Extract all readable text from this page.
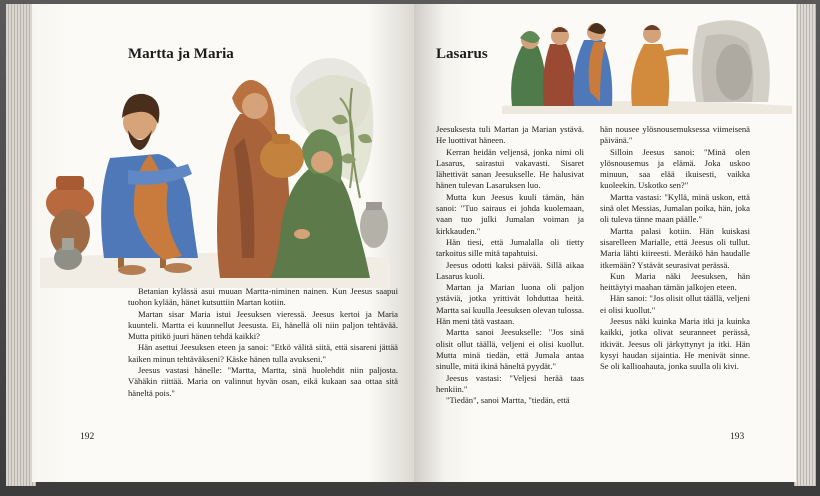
Martta ja Maria

Betanian kylässä asui muuan Martta-niminen nainen. Kun Jeesus saapui tuohon kylään, hänet kutsuttiin Martan kotiin.

Martan sisar Maria istui Jeesuksen vieressä. Jeesus kertoi ja Maria kuunteli. Martta ei kuunnellut Jeesusta. Ei, hänellä oli niin paljon tehtävää. Mutta pitikö juuri hänen tehdä kaikki?

Hän asettui Jeesuksen eteen ja sanoi: "Etkö välitä siitä, että sisareni jättää kaiken minun tehtäväkseni? Käske hänen tulla avukseni."

Jeesus vastasi hänelle: "Martta, Martta, sinä huolehdit niin paljosta. Vähäkin riittää. Maria on valinnut hyvän osan, eikä kukaan saa ottaa sitä häneltä pois."

192
Lasarus

Jeesuksesta tuli Martan ja Marian ystävä. He luottivat häneen.

Kerran heidän veljensä, jonka nimi oli Lasarus, sairastui vakavasti. Sisaret lähettivät sanan Jeesukselle. He halusivat hänen tulevan Lasaruksen luo.

Mutta kun Jeesus kuuli tämän, hän sanoi: "Tuo sairaus ei johda kuolemaan, vaan tuo julki Jumalan voiman ja kirkkauden."

Hän tiesi, että Jumalalla oli tietty tarkoitus sille mitä tapahtuisi.

Jeesus odotti kaksi päivää. Sillä aikaa Lasarus kuoli.

Martan ja Marian luona oli paljon ystäviä, jotka yrittivät lohduttaa heitä. Martta sai kuulla Jeesuksen olevan tulossa. Hän meni tätä vastaan.

Martta sanoi Jeesukselle: "Jos sinä olisit ollut täällä, veljeni ei olisi kuollut. Mutta minä tiedän, että Jumala antaa sinulle, mitä ikinä häneltä pyydät."

Jeesus vastasi: "Veljesi herää taas henkiin."

"Tiedän", sanoi Martta, "tiedän, että

hän nousee ylösnousemuksessa viimeisenä päivänä."

Silloin Jeesus sanoi: "Minä olen ylösnousemus ja elämä. Joka uskoo minuun, saa elää ikuisesti, vaikka kuoleekin. Uskotko sen?"

Martta vastasi: "Kyllä, minä uskon, että sinä olet Messias, Jumalan poika, hän, joka oli tuleva tänne maan päälle."

Martta palasi kotiin. Hän kuiskasi sisarelleen Marialle, että Jeesus oli tullut. Maria lähti kiireesti. Meräikö hän haudalle itkemään? Ystävät seurasivat perässä.

Kun Maria näki Jeesuksen, hän heittäytyi maahan tämän jalkojen eteen.

Hän sanoi: "Jos olisit ollut täällä, veljeni ei olisi kuollut."

Jeesus näki kuinka Maria itki ja kuinka kaikki, jotka olivat seuranneet perässä, itkivät. Jeesus oli järkyttynyt ja itki. Hän kysyi haudan sijaintia. He menivät sinne. Se oli kallioahauta, jonka suulla oli kivi.

193
